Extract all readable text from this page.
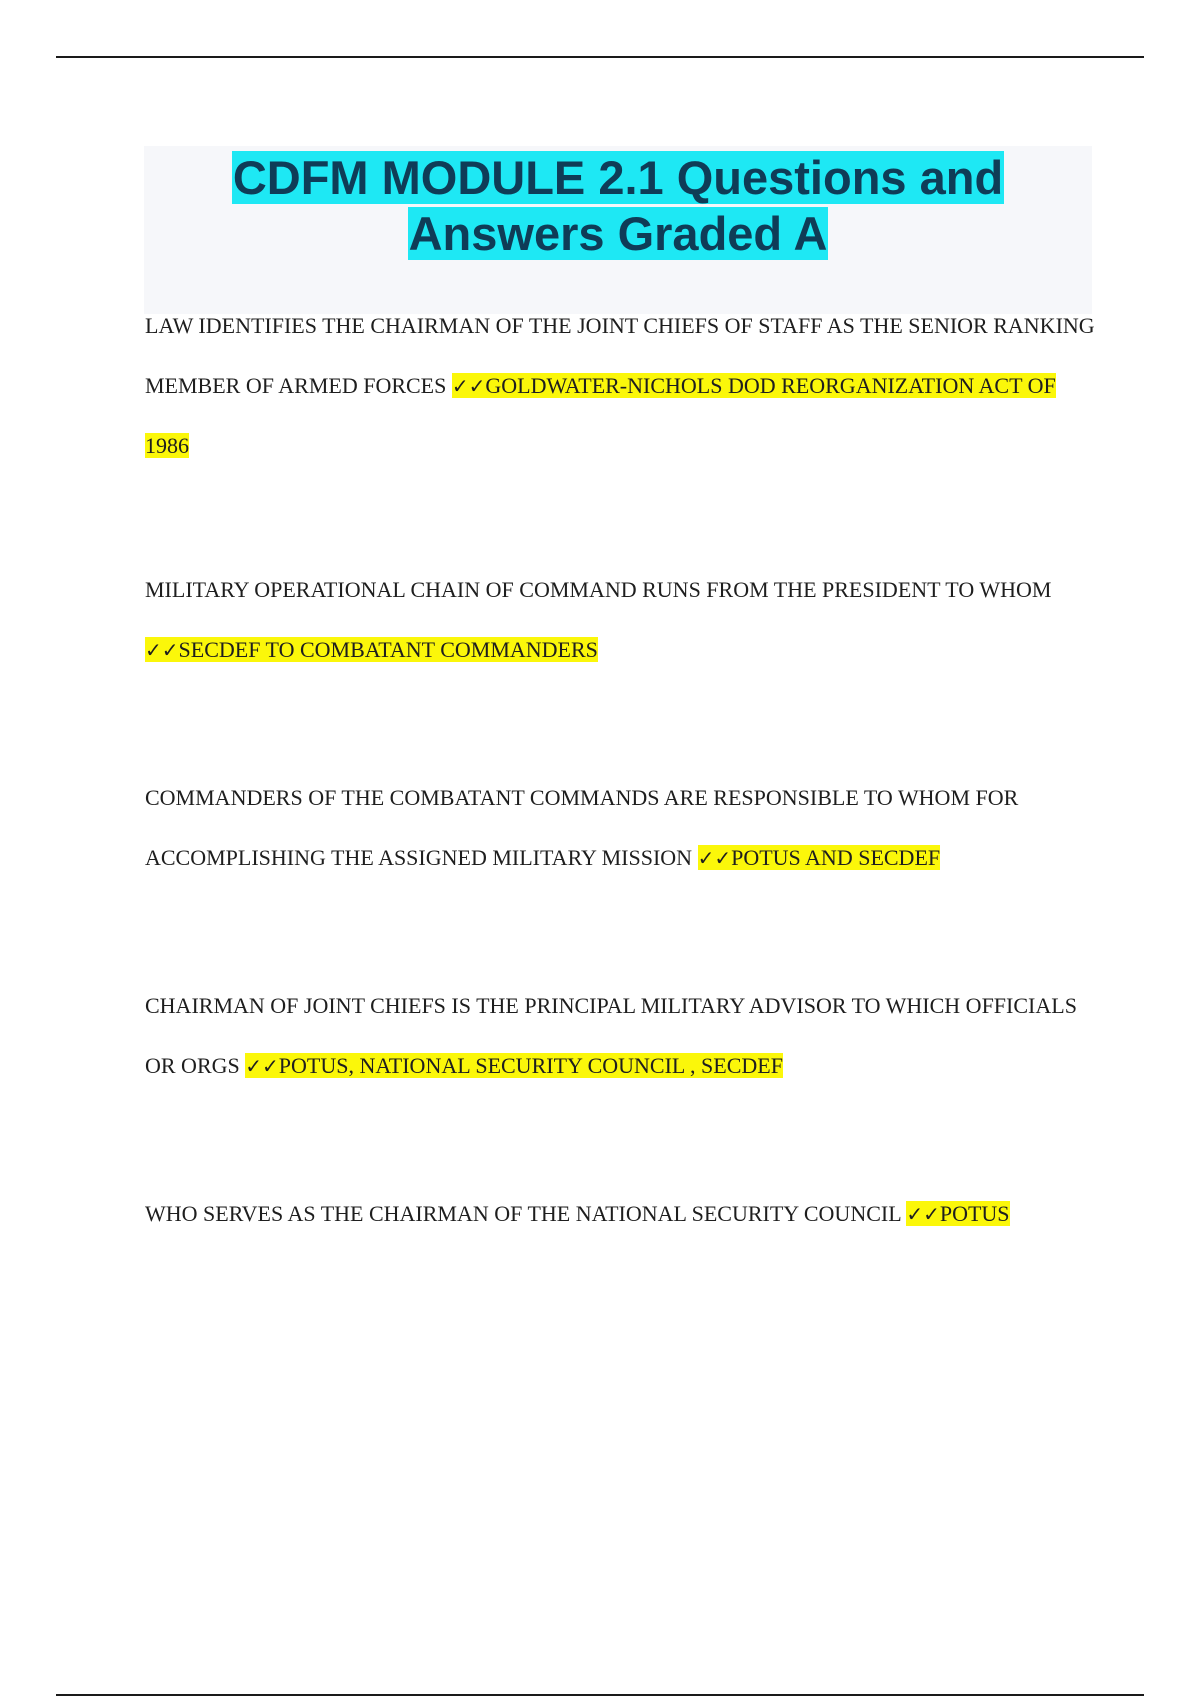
CDFM MODULE 2.1 Questions and Answers Graded A
LAW IDENTIFIES THE CHAIRMAN OF THE JOINT CHIEFS OF STAFF AS THE SENIOR RANKING MEMBER OF ARMED FORCES ✓✓GOLDWATER-NICHOLS DOD REORGANIZATION ACT OF 1986
MILITARY OPERATIONAL CHAIN OF COMMAND RUNS FROM THE PRESIDENT TO WHOM ✓✓SECDEF TO COMBATANT COMMANDERS
COMMANDERS OF THE COMBATANT COMMANDS ARE RESPONSIBLE TO WHOM FOR ACCOMPLISHING THE ASSIGNED MILITARY MISSION ✓✓POTUS AND SECDEF
CHAIRMAN OF JOINT CHIEFS IS THE PRINCIPAL MILITARY ADVISOR TO WHICH OFFICIALS OR ORGS ✓✓POTUS, NATIONAL SECURITY COUNCIL , SECDEF
WHO SERVES AS THE CHAIRMAN OF THE NATIONAL SECURITY COUNCIL ✓✓POTUS
